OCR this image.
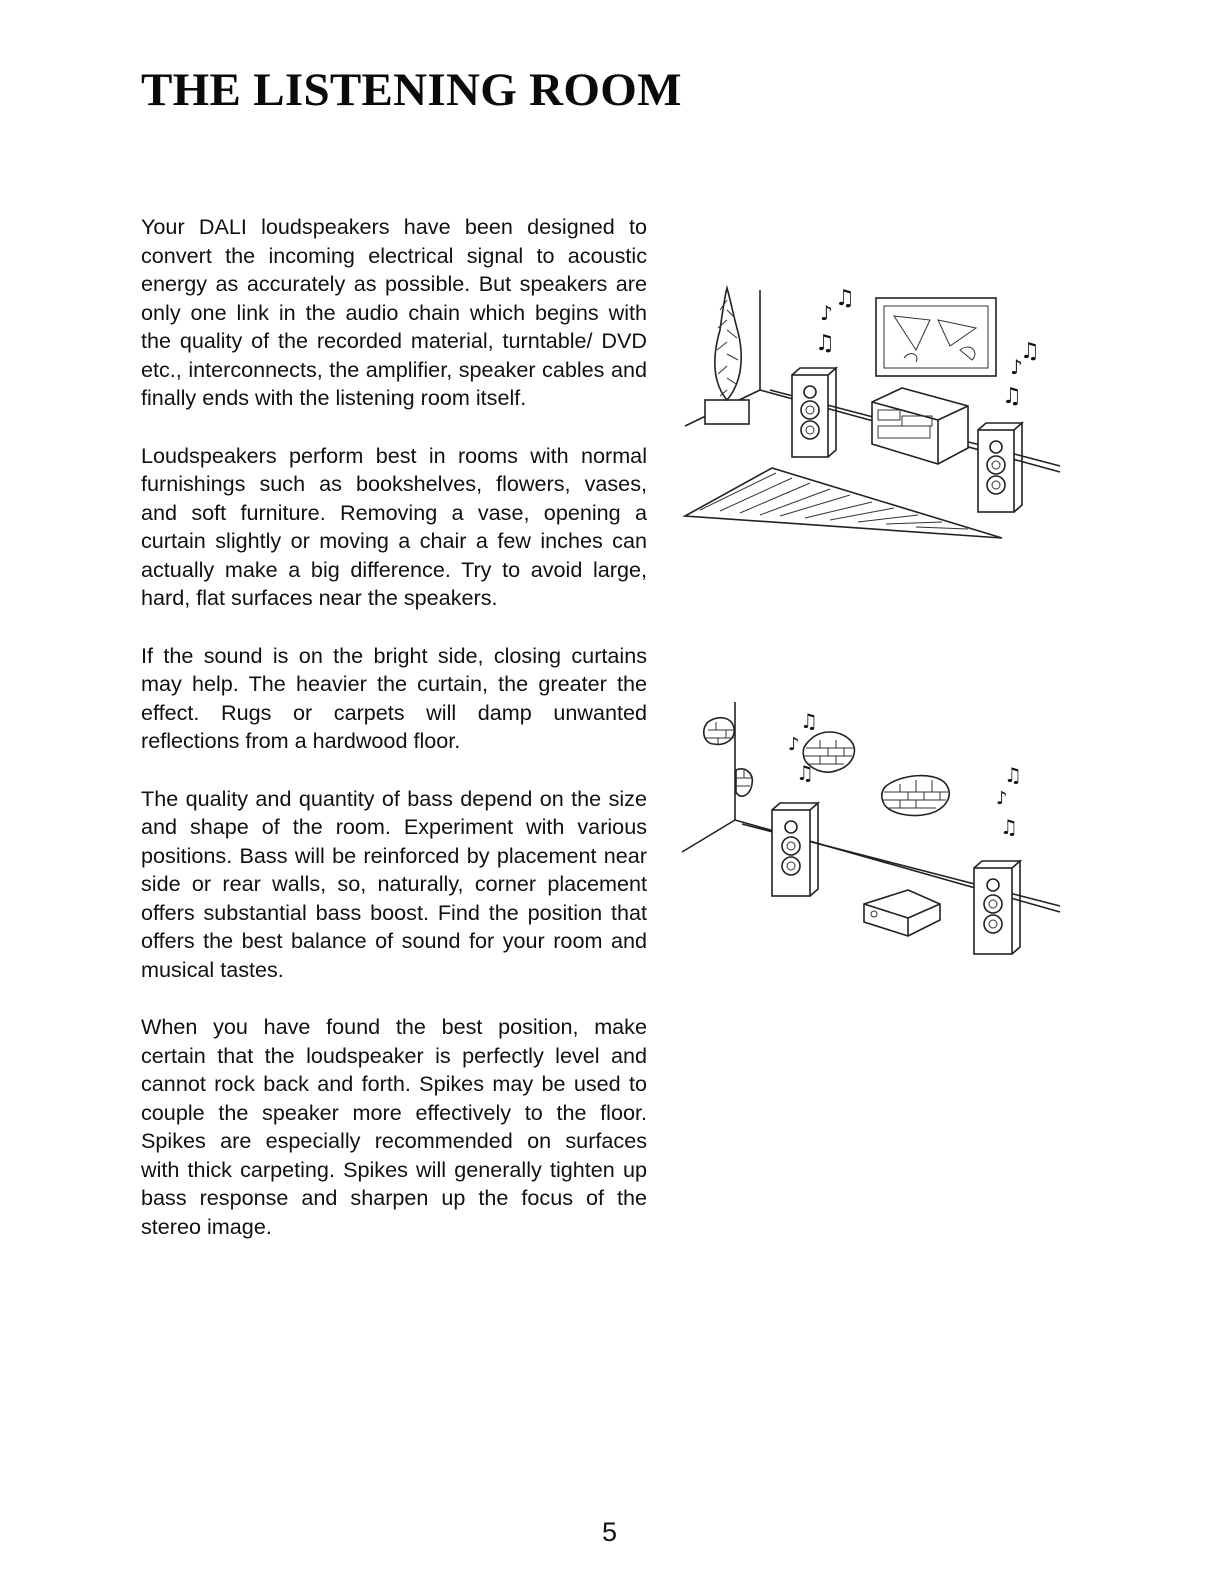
THE LISTENING ROOM

Your DALI loudspeakers have been designed to convert the incoming electrical signal to acoustic energy as accurately as possible. But speakers are only one link in the audio chain which begins with the quality of the recorded material, turntable/ DVD etc., interconnects, the amplifier, speaker cables and finally ends with the listening room itself.

Loudspeakers perform best in rooms with normal furnishings such as bookshelves, flowers, vases, and soft furniture. Removing a vase, opening a curtain slightly or moving a chair a few inches can actually make a big difference. Try to avoid large, hard, flat surfaces near the speakers.

If the sound is on the bright side, closing curtains may help. The heavier the curtain, the greater the effect. Rugs or carpets will damp unwanted reflections from a hardwood floor.

The quality and quantity of bass depend on the size and shape of the room. Experiment with various positions. Bass will be reinforced by placement near side or rear walls, so, naturally, corner placement offers substantial bass boost. Find the position that offers the best balance of sound for your room and musical tastes.

When you have found the best position, make certain that the loudspeaker is perfectly level and cannot rock back and forth. Spikes may be used to couple the speaker more effectively to the floor. Spikes are especially recommended on surfaces with thick carpeting. Spikes will generally tighten up bass response and sharpen up the focus of the stereo image.

♫
♪
♫	♫
♪
♫
♫
♪
♫	♫
♪
♫
5
